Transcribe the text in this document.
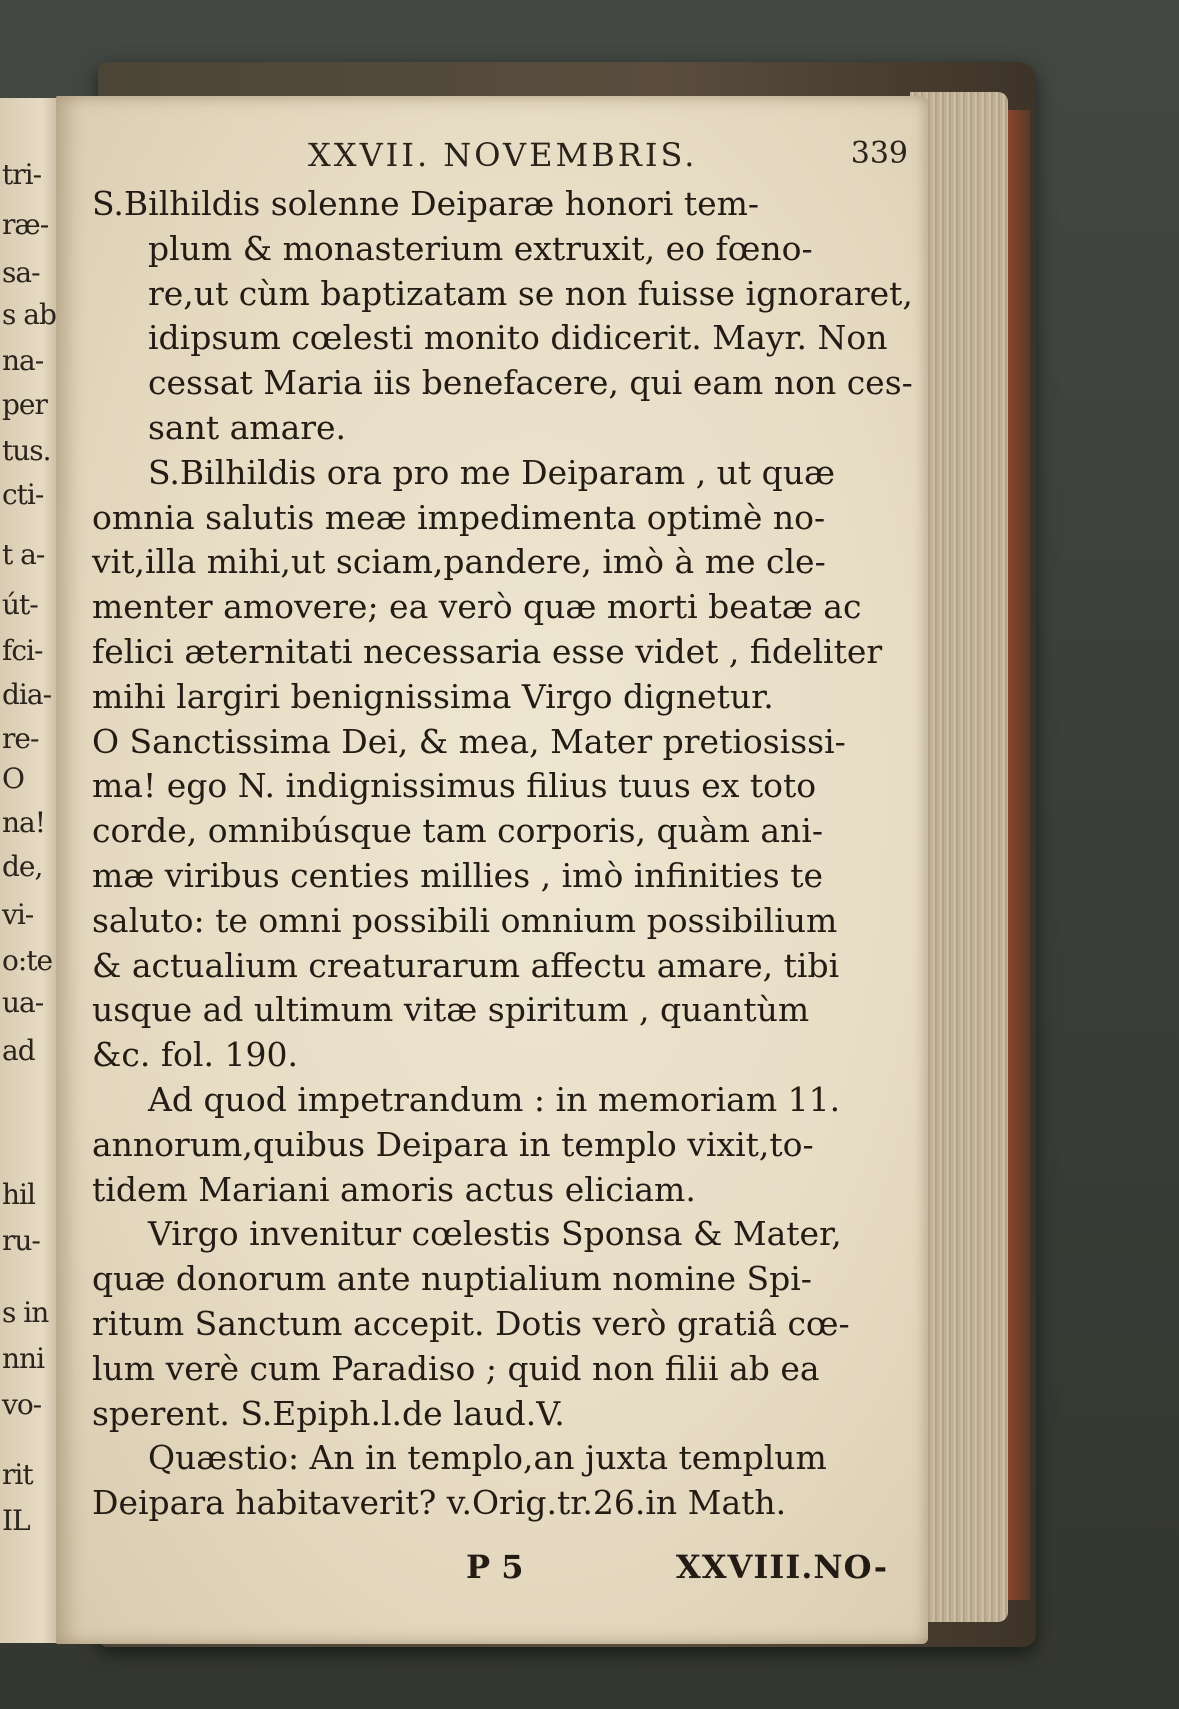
tri-
ræ-
sa-
s ab
na-
per
tus.
cti-
t a-
út-
fci-
dia-
re-
O
na!
de,
vi-
o:te
ua-
ad
hil
ru-
s in
nni
vo-
rit
IL
XXVII. NOVEMBRIS.	339
S.Bilhildis solenne Deiparæ honori tem-
plum & monasterium extruxit, eo fœno-
re,ut cùm baptizatam se non fuisse ignoraret,
idipsum cœlesti monito didicerit. Mayr. Non
cessat Maria iis benefacere, qui eam non ces-
sant amare.
S.Bilhildis ora pro me Deiparam , ut quæ
omnia salutis meæ impedimenta optimè no-
vit,illa mihi,ut sciam,pandere, imò à me cle-
menter amovere; ea verò quæ morti beatæ ac
felici æternitati necessaria esse videt , fideliter
mihi largiri benignissima Virgo dignetur.
O Sanctissima Dei, & mea, Mater pretiosissi-
ma! ego N. indignissimus filius tuus ex toto
corde, omnibúsque tam corporis, quàm ani-
mæ viribus centies millies , imò infinities te
saluto: te omni possibili omnium possibilium
& actualium creaturarum affectu amare, tibi
usque ad ultimum vitæ spiritum , quantùm
&c. fol. 190.
Ad quod impetrandum : in memoriam 11.
annorum,quibus Deipara in templo vixit,to-
tidem Mariani amoris actus eliciam.
Virgo invenitur cœlestis Sponsa & Mater,
quæ donorum ante nuptialium nomine Spi-
ritum Sanctum accepit. Dotis verò gratiâ cœ-
lum verè cum Paradiso ; quid non filii ab ea
sperent. S.Epiph.l.de laud.V.
Quæstio: An in templo,an juxta templum
Deipara habitaverit? v.Orig.tr.26.in Math.
P 5	XXVIII.NO-
